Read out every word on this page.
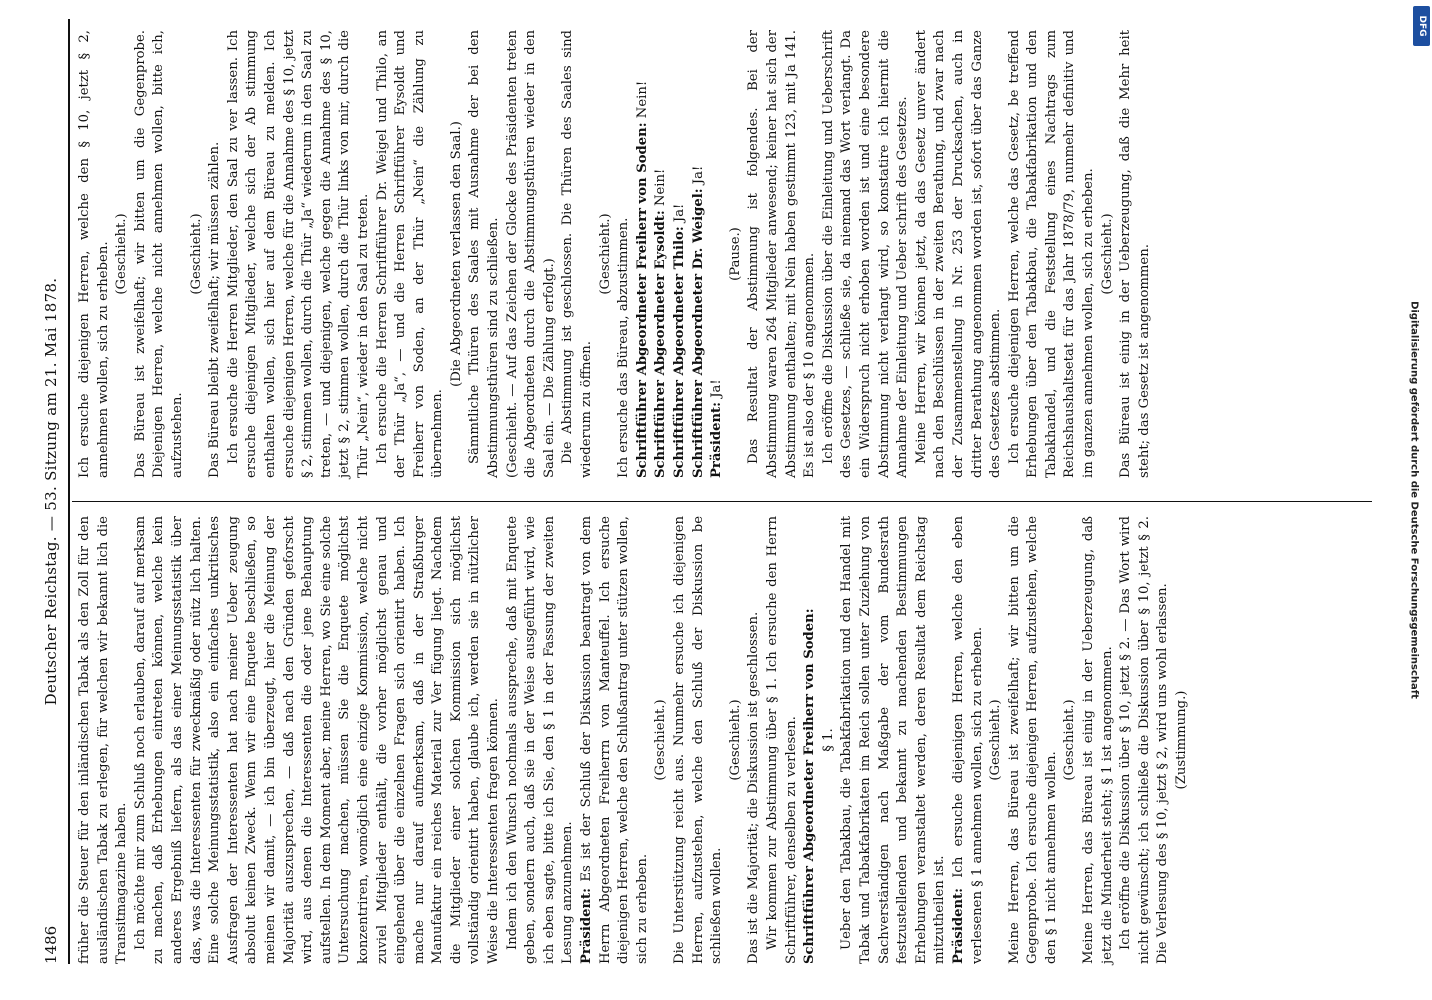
1486
Deutscher Reichstag. — 53. Sitzung am 21. Mai 1878.

früher die Steuer für den inländischen Tabak als den Zoll für den ausländischen Tabak zu erlegen, für welchen wir bekannt lich die Transitmagazine haben. Ich möchte mir zum Schluß noch erlauben, darauf auf merksam zu machen, daß Erhebungen eintreten können, welche kein anderes Ergebniß liefern, als das einer Meinungsstatistik über das, was die Interessenten für zweckmäßig oder nütz lich halten. Eine solche Meinungsstatistik, also ein einfaches unkritisches Ausfragen der Interessenten hat nach meiner Ueber zeugung absolut keinen Zweck. Wenn wir eine Enquete beschließen, so meinen wir damit, — ich bin überzeugt, hier die Meinung der Majorität auszusprechen, — daß nach den Gründen geforscht wird, aus denen die Interessenten die oder jene Behauptung aufstellen. In dem Moment aber, meine Herren, wo Sie eine solche Untersuchung machen, müssen Sie die Enquete möglichst konzentriren, womöglich eine einzige Kommission, welche nicht zuviel Mitglieder enthält, die vorher möglichst genau und eingehend über die einzelnen Fragen sich orientirt haben. Ich mache nur darauf aufmerksam, daß in der Straßburger Manufaktur ein reiches Material zur Ver fügung liegt. Nachdem die Mitglieder einer solchen Kommission sich möglichst vollständig orientirt haben, glaube ich, werden sie in nützlicher Weise die Interessenten fragen können. Indem ich den Wunsch nochmals ausspreche, daß mit Enquete geben, sondern auch, daß sie in der Weise ausgeführt wird, wie ich eben sagte, bitte ich Sie, den § 1 in der Fassung der zweiten Lesung anzunehmen. Präsident: Es ist der Schluß der Diskussion beantragt von dem Herrn Abgeordneten Freiherrn von Manteuffel. Ich ersuche diejenigen Herren, welche den Schlußantrag unter stützen wollen, sich zu erheben.

(Geschieht.) Die Unterstützung reicht aus. Nunmehr ersuche ich diejenigen Herren, aufzustehen, welche den Schluß der Diskussion be schließen wollen.

(Geschieht.) Das ist die Majorität; die Diskussion ist geschlossen. Wir kommen zur Abstimmung über § 1. Ich ersuche den Herrn Schriftführer, denselben zu verlesen. Schriftführer Abgeordneter Freiherr von Soden: § 1. Ueber den Tabakbau, die Tabakfabrikation und den Handel mit Tabak und Tabakfabrikaten im Reich sollen unter Zuziehung von Sachverständigen nach Maßgabe der vom Bundesrath festzustellenden und bekannt zu machenden Bestimmungen Erhebungen veranstaltet werden, deren Resultat dem Reichstag mitzutheilen ist. Präsident: Ich ersuche diejenigen Herren, welche den eben verlesenen § 1 annehmen wollen, sich zu erheben. (Geschieht.) Meine Herren, das Büreau ist zweifelhaft; wir bitten um die Gegenprobe. Ich ersuche diejenigen Herren, aufzustehen, welche den § 1 nicht annehmen wollen.

(Geschieht.) Meine Herren, das Büreau ist einig in der Ueberzeugung, daß jetzt die Minderheit steht; § 1 ist angenommen. Ich eröffne die Diskussion über § 10, jetzt § 2. — Das Wort wird nicht gewünscht; ich schließe die Diskussion über § 10, jetzt § 2. Die Verlesung des § 10, jetzt § 2, wird uns wohl erlassen. (Zustimmung.)

Ich ersuche diejenigen Herren, welche den § 10, jetzt § 2, annehmen wollen, sich zu erheben. (Geschieht.) Das Büreau ist zweifelhaft; wir bitten um die Gegenprobe. Diejenigen Herren, welche nicht annehmen wollen, bitte ich, aufzustehen.

(Geschieht.) Das Büreau bleibt zweifelhaft; wir müssen zählen. Ich ersuche die Herren Mitglieder, den Saal zu ver lassen. Ich ersuche diejenigen Mitglieder, welche sich der Ab stimmung enthalten wollen, sich hier auf dem Büreau zu melden. Ich ersuche diejenigen Herren, welche für die Annahme des § 10, jetzt § 2, stimmen wollen, durch die Thür „Ja“ wiederum in den Saal zu treten, — und diejenigen, welche gegen die Annahme des § 10, jetzt § 2, stimmen wollen, durch die Thür links von mir, durch die Thür „Nein“, wieder in den Saal zu treten. Ich ersuche die Herren Schriftführer Dr. Weigel und Thilo, an der Thür „Ja“, — und die Herren Schriftführer Eysoldt und Freiherr von Soden, an der Thür „Nein“ die Zählung zu übernehmen.

(Die Abgeordneten verlassen den Saal.) Sämmtliche Thüren des Saales mit Ausnahme der bei den Abstimmungsthüren sind zu schließen. (Geschieht. — Auf das Zeichen der Glocke des Präsidenten treten die Abgeordneten durch die Abstimmungsthüren wieder in den Saal ein. — Die Zählung erfolgt.) Die Abstimmung ist geschlossen. Die Thüren des Saales sind wiederum zu öffnen.

(Geschieht.) Ich ersuche das Büreau, abzustimmen. Schriftführer Abgeordneter Freiherr von Soden: Nein!

Schriftführer Abgeordneter Eysoldt: Nein!

Schriftführer Abgeordneter Thilo: Ja! Schriftführer Abgeordneter Dr. Weigel: Ja!

Präsident: Ja!

(Pause.) Das Resultat der Abstimmung ist folgendes. Bei der Abstimmung waren 264 Mitglieder anwesend; keiner hat sich der Abstimmung enthalten; mit Nein haben gestimmt 123, mit Ja 141. Es ist also der § 10 angenommen. Ich eröffne die Diskussion über die Einleitung und Ueberschrift des Gesetzes, — schließe sie, da niemand das Wort verlangt. Da ein Widerspruch nicht erhoben worden ist und eine besondere Abstimmung nicht verlangt wird, so konstatire ich hiermit die Annahme der Einleitung und Ueber schrift des Gesetzes. Meine Herren, wir können jetzt, da das Gesetz unver ändert nach den Beschlüssen in der zweiten Berathung, und zwar nach der Zusammenstellung in Nr. 253 der Drucksachen, auch in dritter Berathung angenommen worden ist, sofort über das Ganze des Gesetzes abstimmen. Ich ersuche diejenigen Herren, welche das Gesetz, be treffend Erhebungen über den Tabakbau, die Tabakfabrikation und den Tabakhandel, und die Feststellung eines Nachtrags zum Reichshaushaltsetat für das Jahr 1878/79, nunmehr definitiv und im ganzen annehmen wollen, sich zu erheben. (Geschieht.) Das Büreau ist einig in der Ueberzeugung, daß die Mehr heit steht; das Gesetz ist angenommen.	Digitalisierung gefördert durch die Deutsche Forschungsgemeinschaft
DFG
